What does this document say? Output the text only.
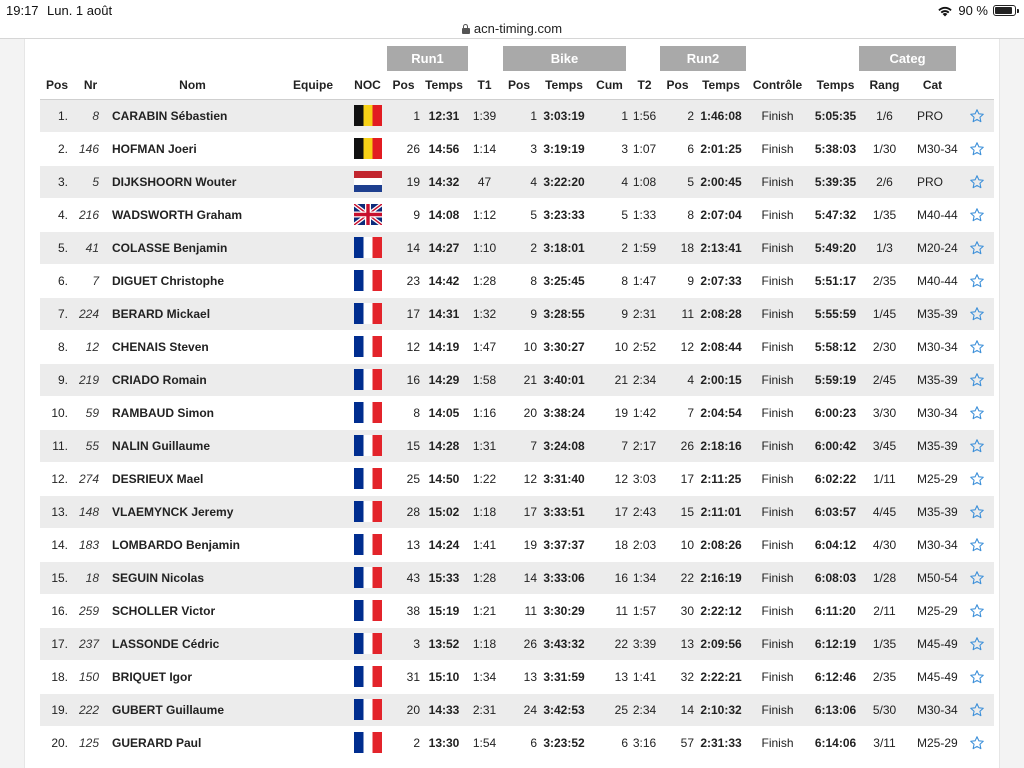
19:17 Lun. 1 août	90 %
acn-timing.com
Run1	Bike	Run2	Categ
Pos	Nr	Nom	Equipe	NOC	Pos	Temps	T1	Pos	Temps	Cum	T2	Pos	Temps	Contrôle	Temps	Rang	Cat	
1.	8	CARABIN Sébastien			1	12:31	1:39	1	3:03:19	1	1:56	2	1:46:08	Finish	5:05:35	1/6	PRO	
2.	146	HOFMAN Joeri			26	14:56	1:14	3	3:19:19	3	1:07	6	2:01:25	Finish	5:38:03	1/30	M30-34	
3.	5	DIJKSHOORN Wouter			19	14:32	47	4	3:22:20	4	1:08	5	2:00:45	Finish	5:39:35	2/6	PRO	
4.	216	WADSWORTH Graham			9	14:08	1:12	5	3:23:33	5	1:33	8	2:07:04	Finish	5:47:32	1/35	M40-44	
5.	41	COLASSE Benjamin			14	14:27	1:10	2	3:18:01	2	1:59	18	2:13:41	Finish	5:49:20	1/3	M20-24	
6.	7	DIGUET Christophe			23	14:42	1:28	8	3:25:45	8	1:47	9	2:07:33	Finish	5:51:17	2/35	M40-44	
7.	224	BERARD Mickael			17	14:31	1:32	9	3:28:55	9	2:31	11	2:08:28	Finish	5:55:59	1/45	M35-39	
8.	12	CHENAIS Steven			12	14:19	1:47	10	3:30:27	10	2:52	12	2:08:44	Finish	5:58:12	2/30	M30-34	
9.	219	CRIADO Romain			16	14:29	1:58	21	3:40:01	21	2:34	4	2:00:15	Finish	5:59:19	2/45	M35-39	
10.	59	RAMBAUD Simon			8	14:05	1:16	20	3:38:24	19	1:42	7	2:04:54	Finish	6:00:23	3/30	M30-34	
11.	55	NALIN Guillaume			15	14:28	1:31	7	3:24:08	7	2:17	26	2:18:16	Finish	6:00:42	3/45	M35-39	
12.	274	DESRIEUX Mael			25	14:50	1:22	12	3:31:40	12	3:03	17	2:11:25	Finish	6:02:22	1/11	M25-29	
13.	148	VLAEMYNCK Jeremy			28	15:02	1:18	17	3:33:51	17	2:43	15	2:11:01	Finish	6:03:57	4/45	M35-39	
14.	183	LOMBARDO Benjamin			13	14:24	1:41	19	3:37:37	18	2:03	10	2:08:26	Finish	6:04:12	4/30	M30-34	
15.	18	SEGUIN Nicolas			43	15:33	1:28	14	3:33:06	16	1:34	22	2:16:19	Finish	6:08:03	1/28	M50-54	
16.	259	SCHOLLER Victor			38	15:19	1:21	11	3:30:29	11	1:57	30	2:22:12	Finish	6:11:20	2/11	M25-29	
17.	237	LASSONDE Cédric			3	13:52	1:18	26	3:43:32	22	3:39	13	2:09:56	Finish	6:12:19	1/35	M45-49	
18.	150	BRIQUET Igor			31	15:10	1:34	13	3:31:59	13	1:41	32	2:22:21	Finish	6:12:46	2/35	M45-49	
19.	222	GUBERT Guillaume			20	14:33	2:31	24	3:42:53	25	2:34	14	2:10:32	Finish	6:13:06	5/30	M30-34	
20.	125	GUERARD Paul			2	13:30	1:54	6	3:23:52	6	3:16	57	2:31:33	Finish	6:14:06	3/11	M25-29	
